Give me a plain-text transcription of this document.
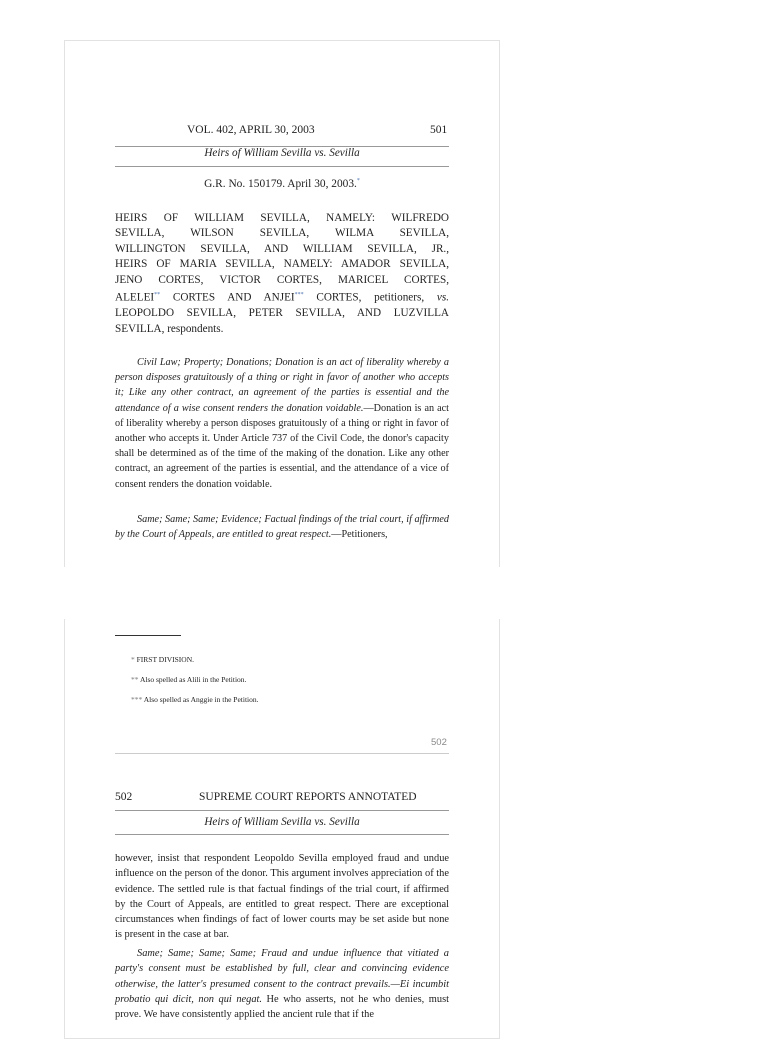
VOL. 402, APRIL 30, 2003	501
Heirs of William Sevilla vs. Sevilla
G.R. No. 150179. April 30, 2003.*
HEIRS OF WILLIAM SEVILLA, NAMELY: WILFREDO
SEVILLA, WILSON SEVILLA, WILMA SEVILLA,
WILLINGTON SEVILLA, AND WILLIAM SEVILLA, JR.,
HEIRS OF MARIA SEVILLA, NAMELY: AMADOR SEVILLA,
JENO CORTES, VICTOR CORTES, MARICEL CORTES,
ALELEI** CORTES AND ANJEI*** CORTES, petitioners, vs.
LEOPOLDO SEVILLA, PETER SEVILLA, AND LUZVILLA
SEVILLA, respondents.
Civil Law; Property; Donations; Donation is an act of liberality whereby a person disposes gratuitously of a thing or right in favor of another who accepts it; Like any other contract, an agreement of the parties is essential and the attendance of a wise consent renders the donation voidable.—Donation is an act of liberality whereby a person disposes gratuitously of a thing or right in favor of another who accepts it. Under Article 737 of the Civil Code, the donor's capacity shall be determined as of the time of the making of the donation. Like any other contract, an agreement of the parties is essential, and the attendance of a vice of consent renders the donation voidable.
Same; Same; Same; Evidence; Factual findings of the trial court, if affirmed by the Court of Appeals, are entitled to great respect.—Petitioners,
* FIRST DIVISION.
** Also spelled as Alili in the Petition.
*** Also spelled as Anggie in the Petition.
502
502	SUPREME COURT REPORTS ANNOTATED
Heirs of William Sevilla vs. Sevilla
however, insist that respondent Leopoldo Sevilla employed fraud and undue influence on the person of the donor. This argument involves appreciation of the evidence. The settled rule is that factual findings of the trial court, if affirmed by the Court of Appeals, are entitled to great respect. There are exceptional circumstances when findings of fact of lower courts may be set aside but none is present in the case at bar.
Same; Same; Same; Same; Fraud and undue influence that vitiated a party's consent must be established by full, clear and convincing evidence otherwise, the latter's presumed consent to the contract prevails.—Ei incumbit probatio qui dicit, non qui negat. He who asserts, not he who denies, must prove. We have consistently applied the ancient rule that if the
